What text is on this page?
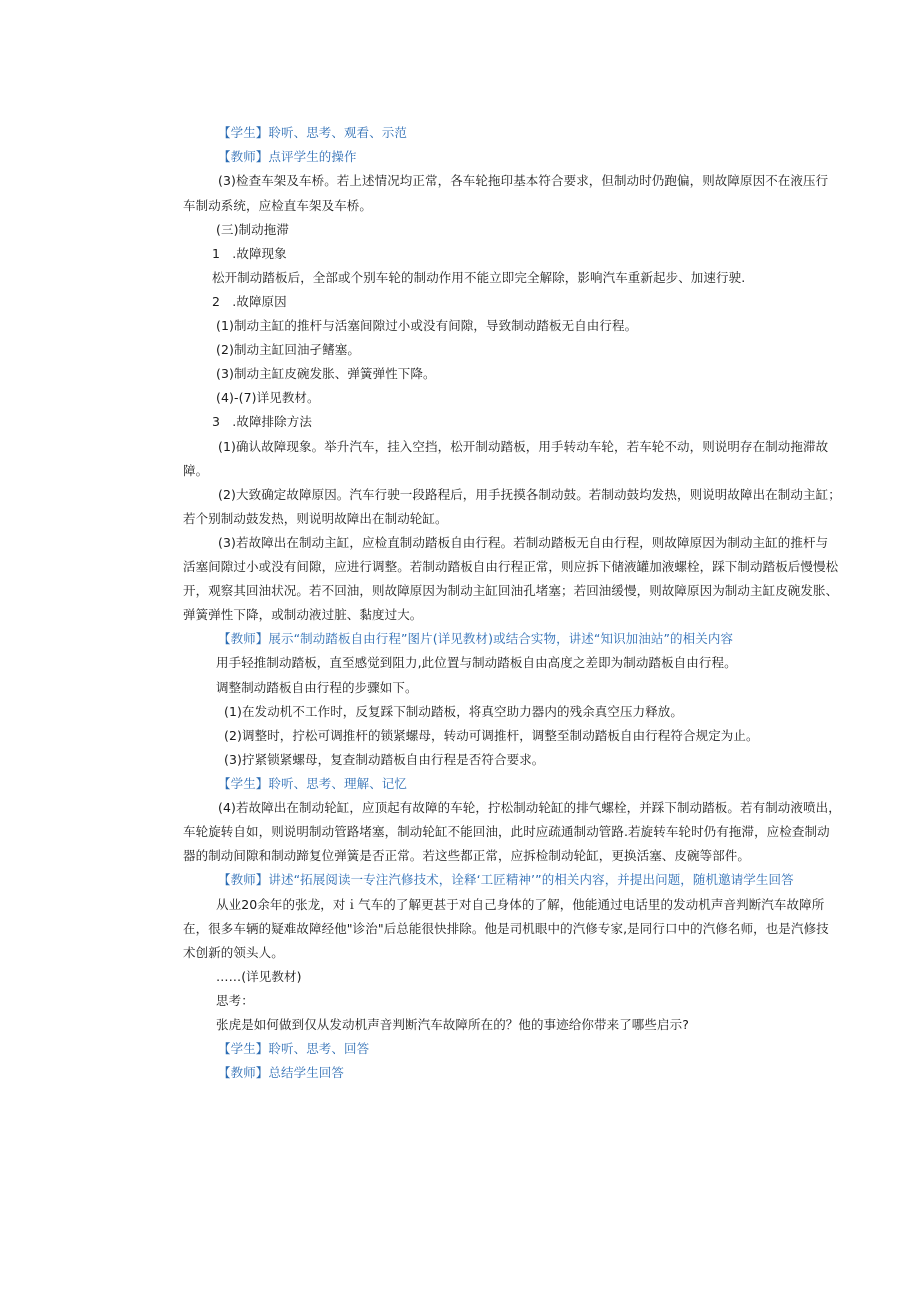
【学生】聆听、思考、观看、示范
【教师】点评学生的操作
(3)检查车架及车桥。若上述情况均正常，各车轮拖印基本符合要求，但制动时仍跑偏，则故障原因不在液压行
车制动系统，应检直车架及车桥。
(三)制动拖滞
1   .故障现象
松开制动踏板后，全部或个别车轮的制动作用不能立即完全解除，影响汽车重新起步、加速行驶.
2   .故障原因
(1)制动主缸的推杆与活塞间隙过小或没有间隙，导致制动踏板无自由行程。
(2)制动主缸回油孑鳍塞。
(3)制动主缸皮碗发胀、弹簧弹性下降。
(4)-(7)详见教材。
3   .故障排除方法
(1)确认故障现象。举升汽车，挂入空挡，松开制动踏板，用手转动车轮，若车轮不动，则说明存在制动拖滞故
障。
(2)大致确定故障原因。汽车行驶一段路程后，用手抚摸各制动鼓。若制动鼓均发热，则说明故障出在制动主缸；
若个别制动鼓发热，则说明故障出在制动轮缸。
(3)若故障出在制动主缸，应检直制动踏板自由行程。若制动踏板无自由行程，则故障原因为制动主缸的推杆与
活塞间隙过小或没有间隙，应进行调整。若制动踏板自由行程正常，则应拆下储液罐加液螺栓，踩下制动踏板后慢慢松
开，观察其回油状况。若不回油，则故障原因为制动主缸回油孔堵塞；若回油缓慢，则故障原因为制动主缸皮碗发胀、
弹簧弹性下降，或制动液过脏、黏度过大。
【教师】展示“制动踏板自由行程”图片(详见教材)或结合实物，讲述“知识加油站”的相关内容
用手轻推制动踏板，直至感觉到阻力,此位置与制动踏板自由高度之差即为制动踏板自由行程。
调整制动踏板自由行程的步骤如下。
(1)在发动机不工作时，反复踩下制动踏板，将真空助力器内的残余真空压力释放。
(2)调整时，拧松可调推杆的锁紧螺母，转动可调推杆，调整至制动踏板自由行程符合规定为止。
(3)拧紧锁紧螺母，复查制动踏板自由行程是否符合要求。
【学生】聆听、思考、理解、记忆
(4)若故障出在制动轮缸，应顶起有故障的车轮，拧松制动轮缸的排气螺栓，并踩下制动踏板。若有制动液喷出，
车轮旋转自如，则说明制动管路堵塞，制动轮缸不能回油，此时应疏通制动管路.若旋转车轮时仍有拖滞，应检查制动
器的制动间隙和制动蹄复位弹簧是否正常。若这些都正常，应拆检制动轮缸，更换活塞、皮碗等部件。
【教师】讲述“拓展阅读一专注汽修技术，诠释‘工匠精神’”的相关内容，并提出问题，随机邀请学生回答
从业20余年的张龙，对ｉ气车的了解更甚于对自己身体的了解，他能通过电话里的发动机声音判断汽车故障所
在，很多车辆的疑难故障经他"诊治"后总能很快排除。他是司机眼中的汽修专家,是同行口中的汽修名师，也是汽修技
术创新的领头人。
……(详见教材)
思考：
张虎是如何做到仅从发动机声音判断汽车故障所在的？他的事迹给你带来了哪些启示?
【学生】聆听、思考、回答
【教师】总结学生回答
